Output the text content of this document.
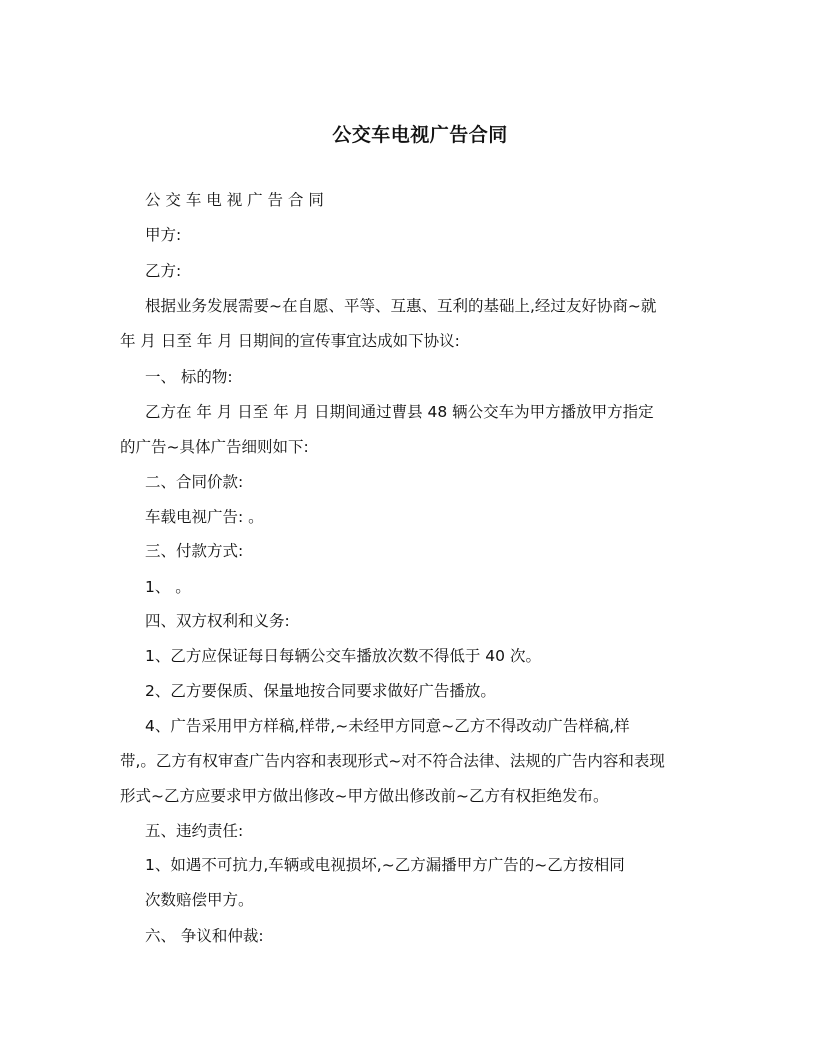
公交车电视广告合同
公 交 车 电 视 广 告 合 同
甲方:
乙方:
根据业务发展需要~在自愿、平等、互惠、互利的基础上,经过友好协商~就
年 月 日至 年 月 日期间的宣传事宜达成如下协议:
一、 标的物:
乙方在 年 月 日至 年 月 日期间通过曹县 48 辆公交车为甲方播放甲方指定
的广告~具体广告细则如下:
二、合同价款:
车载电视广告: 。
三、付款方式:
1、 。
四、双方权利和义务:
1、乙方应保证每日每辆公交车播放次数不得低于 40 次。
2、乙方要保质、保量地按合同要求做好广告播放。
4、广告采用甲方样稿,样带,~未经甲方同意~乙方不得改动广告样稿,样
带,。乙方有权审查广告内容和表现形式~对不符合法律、法规的广告内容和表现
形式~乙方应要求甲方做出修改~甲方做出修改前~乙方有权拒绝发布。
五、违约责任:
1、如遇不可抗力,车辆或电视损坏,~乙方漏播甲方广告的~乙方按相同
次数赔偿甲方。
六、 争议和仲裁:
